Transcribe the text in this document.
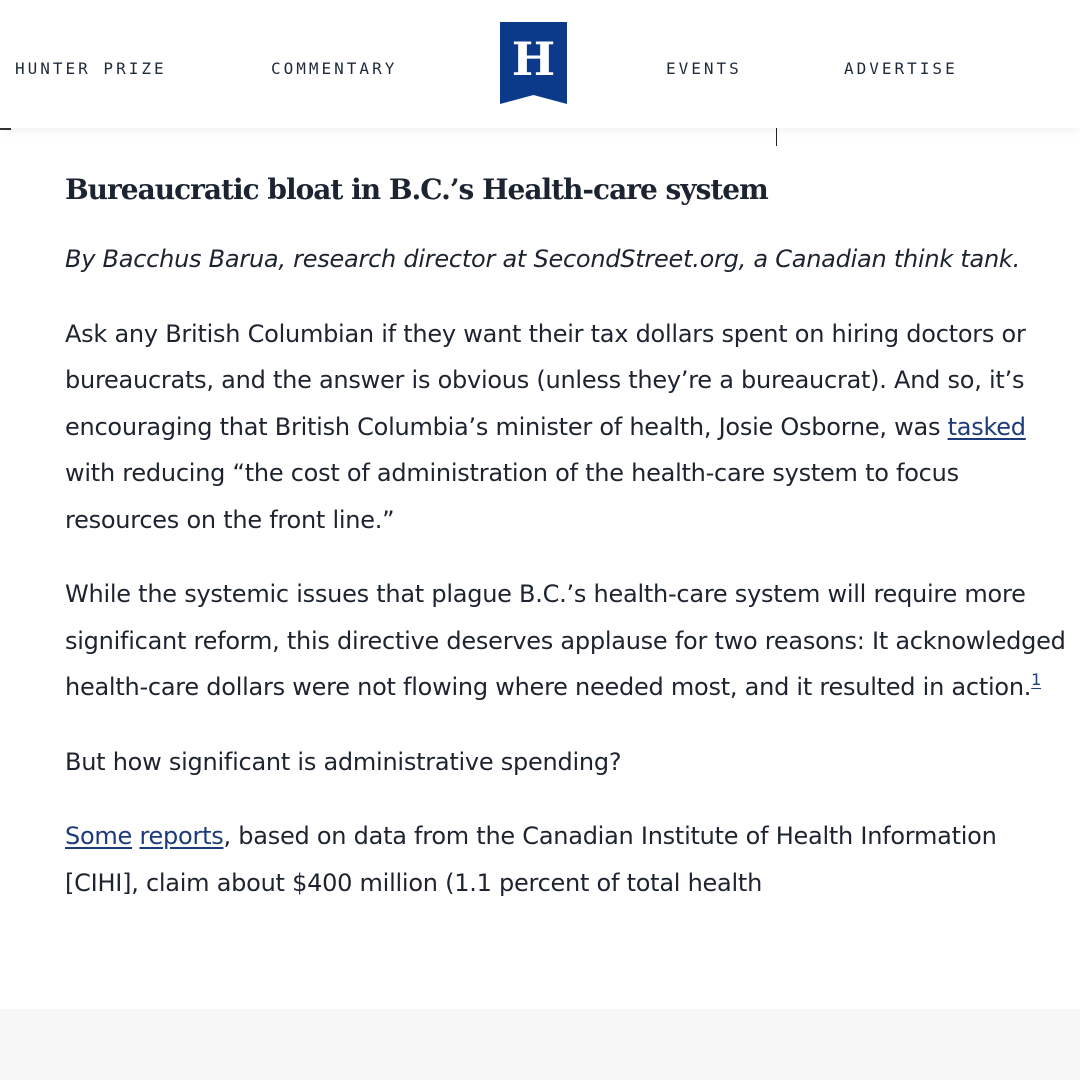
HUNTER PRIZE	COMMENTARY H	EVENTS	ADVERTISE
Bureaucratic bloat in B.C.’s Health-care system

By Bacchus Barua, research director at SecondStreet.org, a Canadian think tank.

Ask any British Columbian if they want their tax dollars spent on hiring doctors or bureaucrats, and the answer is obvious (unless they’re a bureaucrat). And so, it’s encouraging that British Columbia’s minister of health, Josie Osborne, was tasked with reducing “the cost of administration of the health-care system to focus resources on the front line.”

While the systemic issues that plague B.C.’s health-care system will require more significant reform, this directive deserves applause for two reasons: It acknowledged health-care dollars were not flowing where needed most, and it resulted in action.$^1$

But how significant is administrative spending?

Some reports, based on data from the Canadian Institute of Health Information [CIHI], claim about $400 million (1.1 percent of total health
